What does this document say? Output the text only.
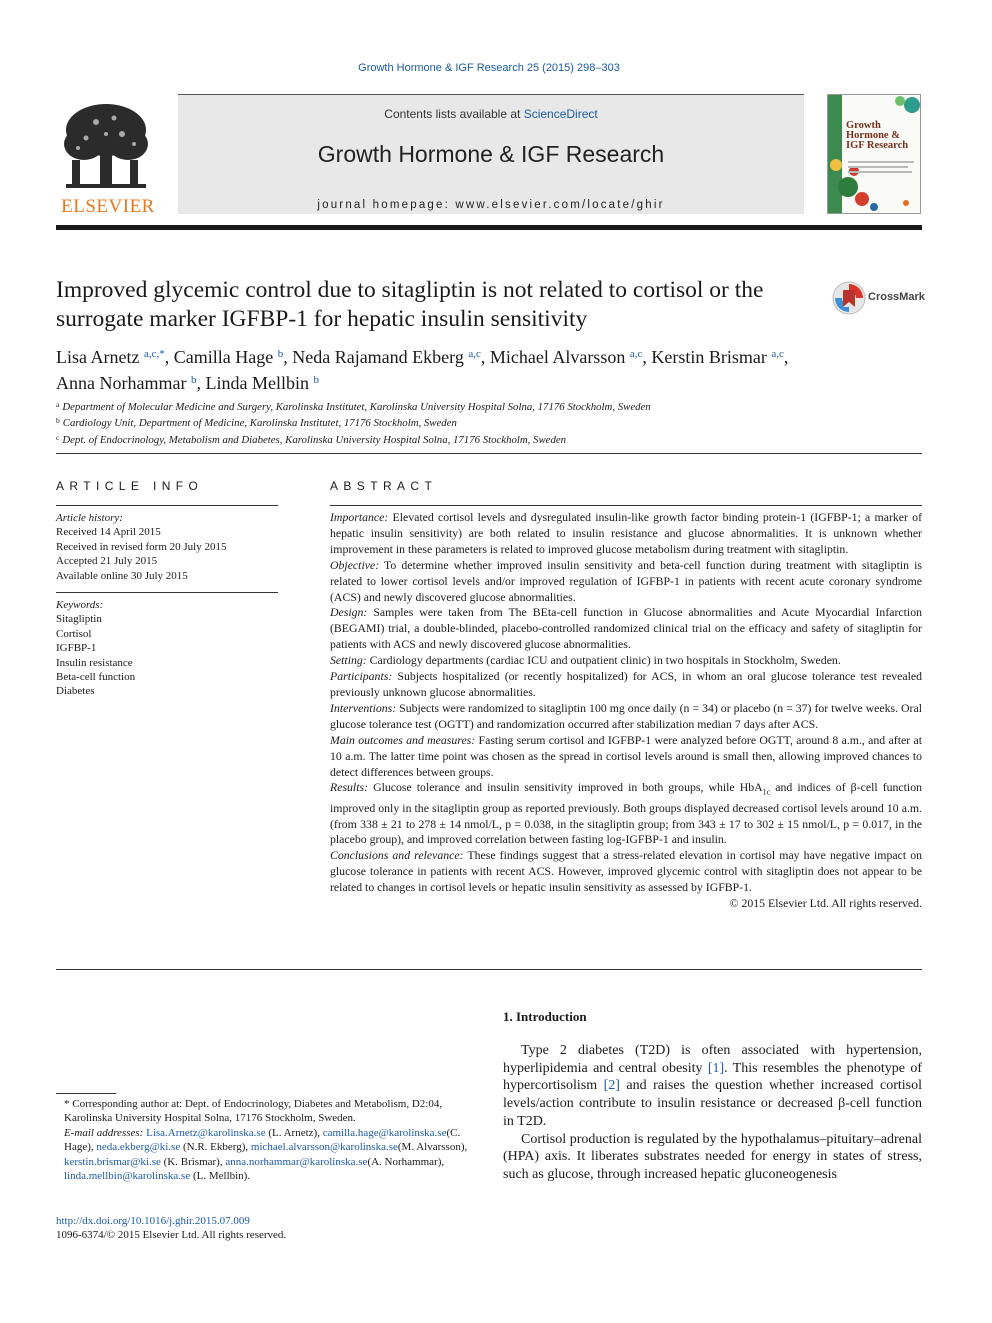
Growth Hormone & IGF Research 25 (2015) 298–303
ELSEVIER
Contents lists available at ScienceDirect
Growth Hormone & IGF Research
journal homepage: www.elsevier.com/locate/ghir
Growth
Hormone &
IGF Research
Improved glycemic control due to sitagliptin is not related to cortisol or the surrogate marker IGFBP-1 for hepatic insulin sensitivity
CrossMark
Lisa Arnetz $^{a,c,*}$, Camilla Hage $^b$, Neda Rajamand Ekberg $^{a,c}$, Michael Alvarsson $^{a,c}$, Kerstin Brismar $^{a,c}$,
Anna Norhammar $^b$, Linda Mellbin $^b$
$^a$ Department of Molecular Medicine and Surgery, Karolinska Institutet, Karolinska University Hospital Solna, 17176 Stockholm, Sweden
$^b$ Cardiology Unit, Department of Medicine, Karolinska Institutet, 17176 Stockholm, Sweden
$^c$ Dept. of Endocrinology, Metabolism and Diabetes, Karolinska University Hospital Solna, 17176 Stockholm, Sweden
ARTICLE INFO
Article history:
Received 14 April 2015
Received in revised form 20 July 2015
Accepted 21 July 2015
Available online 30 July 2015
Keywords:
Sitagliptin
Cortisol
IGFBP-1
Insulin resistance
Beta-cell function
Diabetes
ABSTRACT

Importance: Elevated cortisol levels and dysregulated insulin-like growth factor binding protein-1 (IGFBP-1; a marker of hepatic insulin sensitivity) are both related to insulin resistance and glucose abnormalities. It is unknown whether improvement in these parameters is related to improved glucose metabolism during treatment with sitagliptin.

Objective: To determine whether improved insulin sensitivity and beta-cell function during treatment with sitagliptin is related to lower cortisol levels and/or improved regulation of IGFBP-1 in patients with recent acute coronary syndrome (ACS) and newly discovered glucose abnormalities.

Design: Samples were taken from The BEta-cell function in Glucose abnormalities and Acute Myocardial Infarction (BEGAMI) trial, a double-blinded, placebo-controlled randomized clinical trial on the efficacy and safety of sitagliptin for patients with ACS and newly discovered glucose abnormalities.

Setting: Cardiology departments (cardiac ICU and outpatient clinic) in two hospitals in Stockholm, Sweden.

Participants: Subjects hospitalized (or recently hospitalized) for ACS, in whom an oral glucose tolerance test revealed previously unknown glucose abnormalities.

Interventions: Subjects were randomized to sitagliptin 100 mg once daily (n = 34) or placebo (n = 37) for twelve weeks. Oral glucose tolerance test (OGTT) and randomization occurred after stabilization median 7 days after ACS.

Main outcomes and measures: Fasting serum cortisol and IGFBP-1 were analyzed before OGTT, around 8 a.m., and after at 10 a.m. The latter time point was chosen as the spread in cortisol levels around is small then, allowing improved chances to detect differences between groups.

Results: Glucose tolerance and insulin sensitivity improved in both groups, while HbA$_{1c}$ and indices of β-cell function improved only in the sitagliptin group as reported previously. Both groups displayed decreased cortisol levels around 10 a.m. (from 338 ± 21 to 278 ± 14 nmol/L, p = 0.038, in the sitagliptin group; from 343 ± 17 to 302 ± 15 nmol/L, p = 0.017, in the placebo group), and improved correlation between fasting log-IGFBP-1 and insulin.

Conclusions and relevance: These findings suggest that a stress-related elevation in cortisol may have negative impact on glucose tolerance in patients with recent ACS. However, improved glycemic control with sitagliptin does not appear to be related to changes in cortisol levels or hepatic insulin sensitivity as assessed by IGFBP-1.

© 2015 Elsevier Ltd. All rights reserved.

1. Introduction

Type 2 diabetes (T2D) is often associated with hypertension, hyperlipidemia and central obesity [1]. This resembles the phenotype of hypercortisolism [2] and raises the question whether increased cortisol levels/action contribute to insulin resistance or decreased β-cell function in T2D.

Cortisol production is regulated by the hypothalamus–pituitary–adrenal (HPA) axis. It liberates substrates needed for energy in states of stress, such as glucose, through increased hepatic gluconeogenesis

* Corresponding author at: Dept. of Endocrinology, Diabetes and Metabolism, D2:04, Karolinska University Hospital Solna, 17176 Stockholm, Sweden.
E-mail addresses: Lisa.Arnetz@karolinska.se (L. Arnetz), camilla.hage@karolinska.se(C. Hage), neda.ekberg@ki.se (N.R. Ekberg), michael.alvarsson@karolinska.se(M. Alvarsson), kerstin.brismar@ki.se (K. Brismar), anna.norhammar@karolinska.se(A. Norhammar), linda.mellbin@karolinska.se (L. Mellbin).
http://dx.doi.org/10.1016/j.ghir.2015.07.009
1096-6374/© 2015 Elsevier Ltd. All rights reserved.
